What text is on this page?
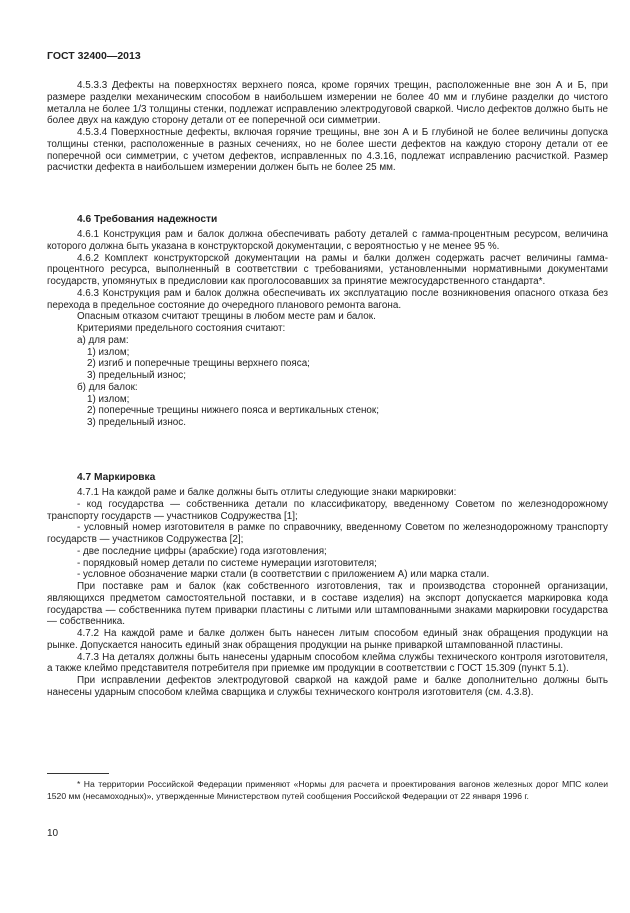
ГОСТ 32400—2013

4.5.3.3 Дефекты на поверхностях верхнего пояса, кроме горячих трещин, расположенные вне зон А и Б, при размере разделки механическим способом в наибольшем измерении не более 40 мм и глубине разделки до чистого металла не более 1/3 толщины стенки, подлежат исправлению электродуговой сваркой. Число дефектов должно быть не более двух на каждую сторону детали от ее поперечной оси симметрии.

4.5.3.4 Поверхностные дефекты, включая горячие трещины, вне зон А и Б глубиной не более величины допуска толщины стенки, расположенные в разных сечениях, но не более шести дефектов на каждую сторону детали от ее поперечной оси симметрии, с учетом дефектов, исправленных по 4.3.16, подлежат исправлению расчисткой. Размер расчистки дефекта в наибольшем измерении должен быть не более 25 мм.

4.6 Требования надежности

4.6.1 Конструкция рам и балок должна обеспечивать работу деталей с гамма-процентным ресурсом, величина которого должна быть указана в конструкторской документации, с вероятностью γ не менее 95 %.

4.6.2 Комплект конструкторской документации на рамы и балки должен содержать расчет величины гамма-процентного ресурса, выполненный в соответствии с требованиями, установленными нормативными документами государств, упомянутых в предисловии как проголосовавших за принятие межгосударственного стандарта*.

4.6.3 Конструкция рам и балок должна обеспечивать их эксплуатацию после возникновения опасного отказа без перехода в предельное состояние до очередного планового ремонта вагона.

Опасным отказом считают трещины в любом месте рам и балок.

Критериями предельного состояния считают:

а) для рам:

1) излом;

2) изгиб и поперечные трещины верхнего пояса;

3) предельный износ;

б) для балок:

1) излом;

2) поперечные трещины нижнего пояса и вертикальных стенок;

3) предельный износ.

4.7 Маркировка

4.7.1 На каждой раме и балке должны быть отлиты следующие знаки маркировки:

- код государства — собственника детали по классификатору, введенному Советом по железнодорожному транспорту государств — участников Содружества [1];

- условный номер изготовителя в рамке по справочнику, введенному Советом по железнодорожному транспорту государств — участников Содружества [2];

- две последние цифры (арабские) года изготовления;

- порядковый номер детали по системе нумерации изготовителя;

- условное обозначение марки стали (в соответствии с приложением А) или марка стали.

При поставке рам и балок (как собственного изготовления, так и производства сторонней организации, являющихся предметом самостоятельной поставки, и в составе изделия) на экспорт допускается маркировка кода государства — собственника путем приварки пластины с литыми или штампованными знаками маркировки государства — собственника.

4.7.2 На каждой раме и балке должен быть нанесен литым способом единый знак обращения продукции на рынке. Допускается наносить единый знак обращения продукции на рынке приваркой штампованной пластины.

4.7.3 На деталях должны быть нанесены ударным способом клейма службы технического контроля изготовителя, а также клеймо представителя потребителя при приемке им продукции в соответствии с ГОСТ 15.309 (пункт 5.1).

При исправлении дефектов электродуговой сваркой на каждой раме и балке дополнительно должны быть нанесены ударным способом клейма сварщика и службы технического контроля изготовителя (см. 4.3.8).

* На территории Российской Федерации применяют «Нормы для расчета и проектирования вагонов железных дорог МПС колеи 1520 мм (несамоходных)», утвержденные Министерством путей сообщения Российской Федерации от 22 января 1996 г.

10
